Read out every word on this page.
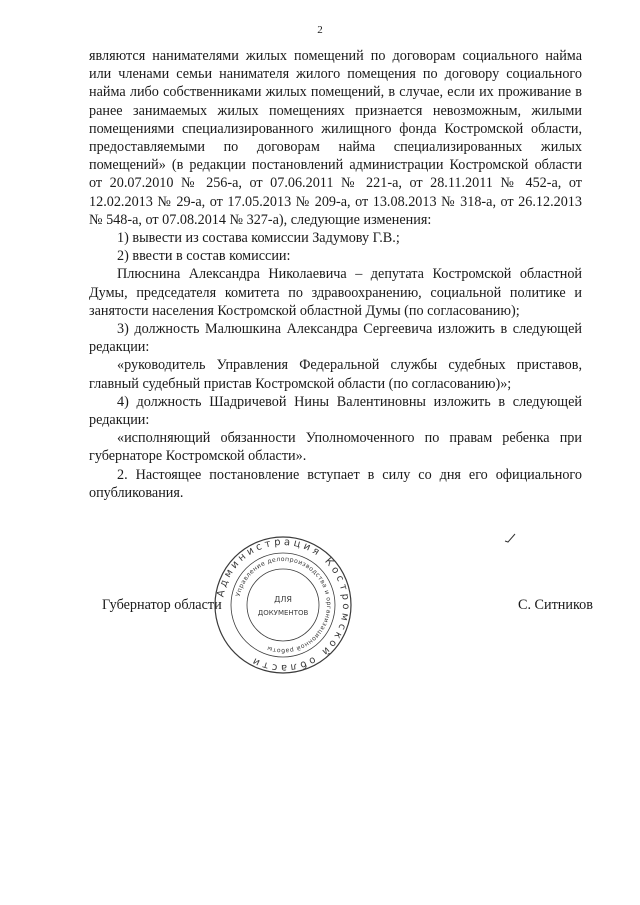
2

являются нанимателями жилых помещений по договорам социального найма или членами семьи нанимателя жилого помещения по договору социального найма либо собственниками жилых помещений, в случае, если их проживание в ранее занимаемых жилых помещениях признается невозможным, жилыми помещениями специализированного жилищного фонда Костромской области, предоставляемыми по договорам найма специализированных жилых помещений» (в редакции постановлений администрации Костромской области от 20.07.2010 № 256-а, от 07.06.2011 № 221-а, от 28.11.2011 № 452-а, от 12.02.2013 № 29-а, от 17.05.2013 № 209-а, от 13.08.2013 № 318-а, от 26.12.2013 № 548-а, от 07.08.2014 № 327-а), следующие изменения:

1) вывести из состава комиссии Задумову Г.В.;

2) ввести в состав комиссии:

Плюснина Александра Николаевича – депутата Костромской областной Думы, председателя комитета по здравоохранению, социальной политике и занятости населения Костромской областной Думы (по согласованию);

3) должность Малюшкина Александра Сергеевича изложить в следующей редакции:

«руководитель Управления Федеральной службы судебных приставов, главный судебный пристав Костромской области (по согласованию)»;

4) должность Шадричевой Нины Валентиновны изложить в следующей редакции:

«исполняющий обязанности Уполномоченного по правам ребенка при губернаторе Костромской области».

2. Настоящее постановление вступает в силу со дня его официального опубликования.

Губернатор области	С. Ситников
Администрация Костромской области
Управление делопроизводства и организационной работы
ДЛЯ
ДОКУМЕНТОВ
